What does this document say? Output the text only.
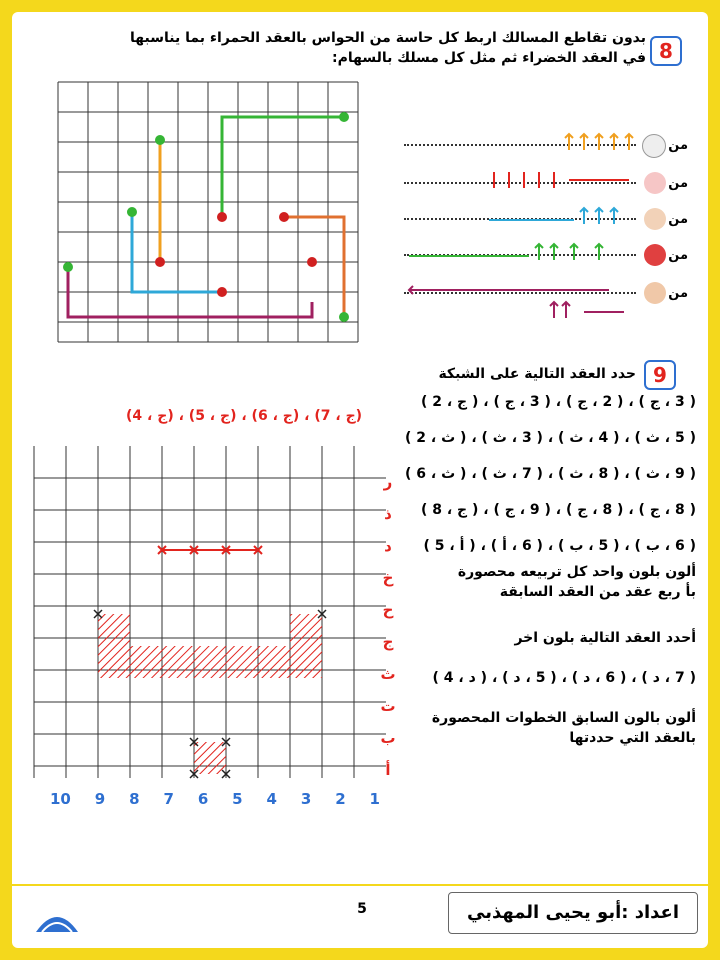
8
بدون تقاطع المسالك اربط كل حاسة من الحواس بالعقد الحمراء بما يناسبها
في العقد الخضراء ثم مثل كل مسلك بالسهام:
من
من
من
من
من
9
حدد العقد التالية على الشبكة
(ج ، 7) ، (ج ، 6) ، (ج ، 5) ، (ج ، 4)
( 2 ، ج ) ، ( 3 ، ج ) ، ( 2 ، ج ) ، ( 3 ، ج )
( 2 ، ث ) ، ( 3 ، ث ) ، ( 4 ، ث ) ، ( 5 ، ث )
( 6 ، ث ) ، ( 7 ، ث ) ، ( 8 ، ث ) ، ( 9 ، ث )
( 8 ، ج ) ، ( 9 ، ج ) ، ( 8 ، ج ) ، ( 8 ، ج )
( 5 ، أ ) ، ( 6 ، أ ) ، ( 5 ، ب ) ، ( 6 ، ب )
ألون بلون واحد كل تربيعه محصورة
بأ ربع عقد من العقد السابقة
أحدد العقد التالية بلون اخر
( 4 ، د ) ، ( 5 ، د ) ، ( 6 ، د ) ، ( 7 ، د )
ألون بالون السابق الخطوات المحصورة
بالعقد التي حددتها
ر
ذ
د
خ
ح
ج
ث
ت
ب
أ
10 9 8 7 6 5 4 3 2 1
5	اعداد :أبو يحيى المهذبي
